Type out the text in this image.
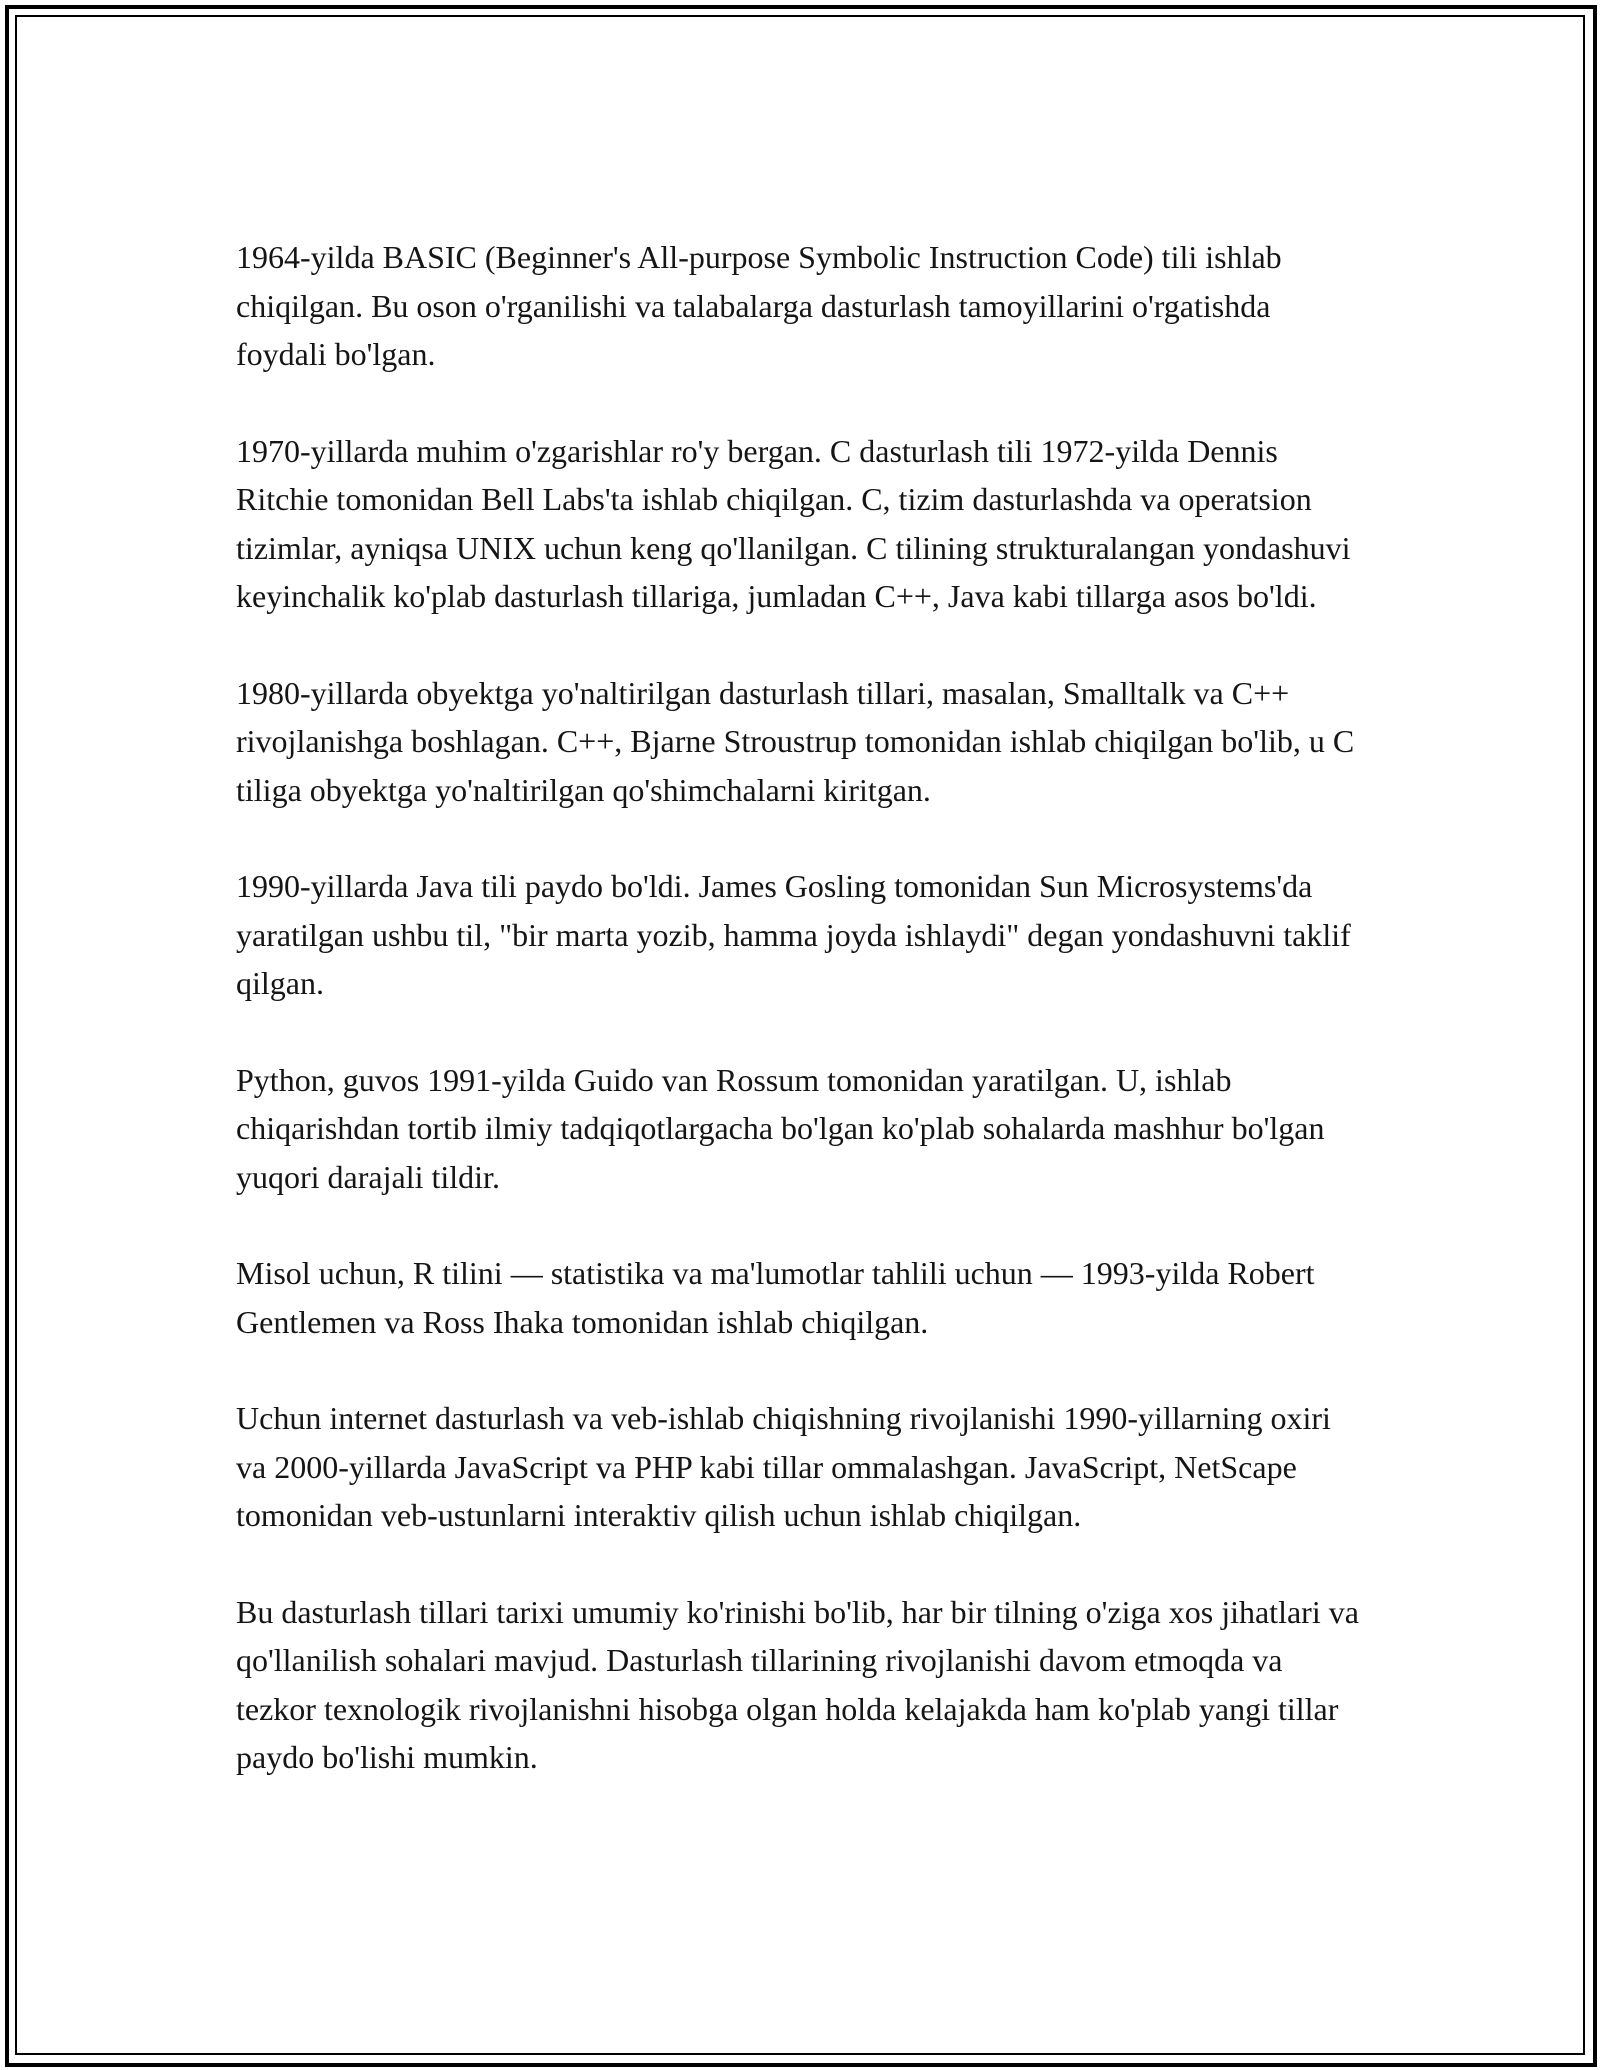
1964-yilda BASIC (Beginner's All-purpose Symbolic Instruction Code) tili ishlab chiqilgan. Bu oson o'rganilishi va talabalarga dasturlash tamoyillarini o'rgatishda foydali bo'lgan.

1970-yillarda muhim o'zgarishlar ro'y bergan. C dasturlash tili 1972-yilda Dennis Ritchie tomonidan Bell Labs'ta ishlab chiqilgan. C, tizim dasturlashda va operatsion tizimlar, ayniqsa UNIX uchun keng qo'llanilgan. C tilining strukturalangan yondashuvi keyinchalik ko'plab dasturlash tillariga, jumladan C++, Java kabi tillarga asos bo'ldi.

1980-yillarda obyektga yo'naltirilgan dasturlash tillari, masalan, Smalltalk va C++ rivojlanishga boshlagan. C++, Bjarne Stroustrup tomonidan ishlab chiqilgan bo'lib, u C tiliga obyektga yo'naltirilgan qo'shimchalarni kiritgan.

1990-yillarda Java tili paydo bo'ldi. James Gosling tomonidan Sun Microsystems'da yaratilgan ushbu til, "bir marta yozib, hamma joyda ishlaydi" degan yondashuvni taklif qilgan.

Python, guvos 1991-yilda Guido van Rossum tomonidan yaratilgan. U, ishlab chiqarishdan tortib ilmiy tadqiqotlargacha bo'lgan ko'plab sohalarda mashhur bo'lgan yuqori darajali tildir.

Misol uchun, R tilini — statistika va ma'lumotlar tahlili uchun — 1993-yilda Robert Gentlemen va Ross Ihaka tomonidan ishlab chiqilgan.

Uchun internet dasturlash va veb-ishlab chiqishning rivojlanishi 1990-yillarning oxiri va 2000-yillarda JavaScript va PHP kabi tillar ommalashgan. JavaScript, NetScape tomonidan veb-ustunlarni interaktiv qilish uchun ishlab chiqilgan.

Bu dasturlash tillari tarixi umumiy ko'rinishi bo'lib, har bir tilning o'ziga xos jihatlari va qo'llanilish sohalari mavjud. Dasturlash tillarining rivojlanishi davom etmoqda va tezkor texnologik rivojlanishni hisobga olgan holda kelajakda ham ko'plab yangi tillar paydo bo'lishi mumkin.
